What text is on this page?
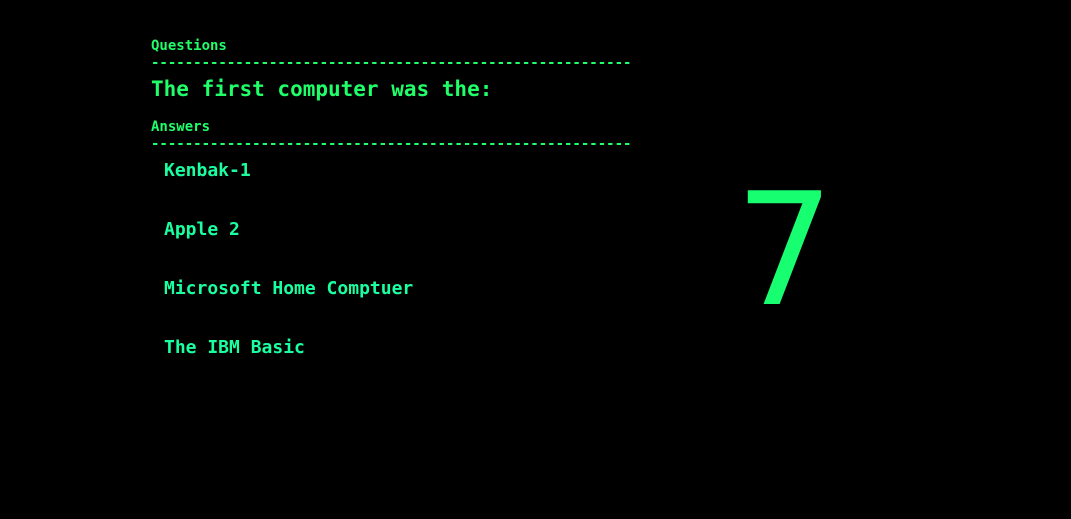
Questions
---------------------------------------------------------
The first computer was the:
Answers
---------------------------------------------------------
Kenbak-1
Apple 2
Microsoft Home Comptuer
The IBM Basic
7
